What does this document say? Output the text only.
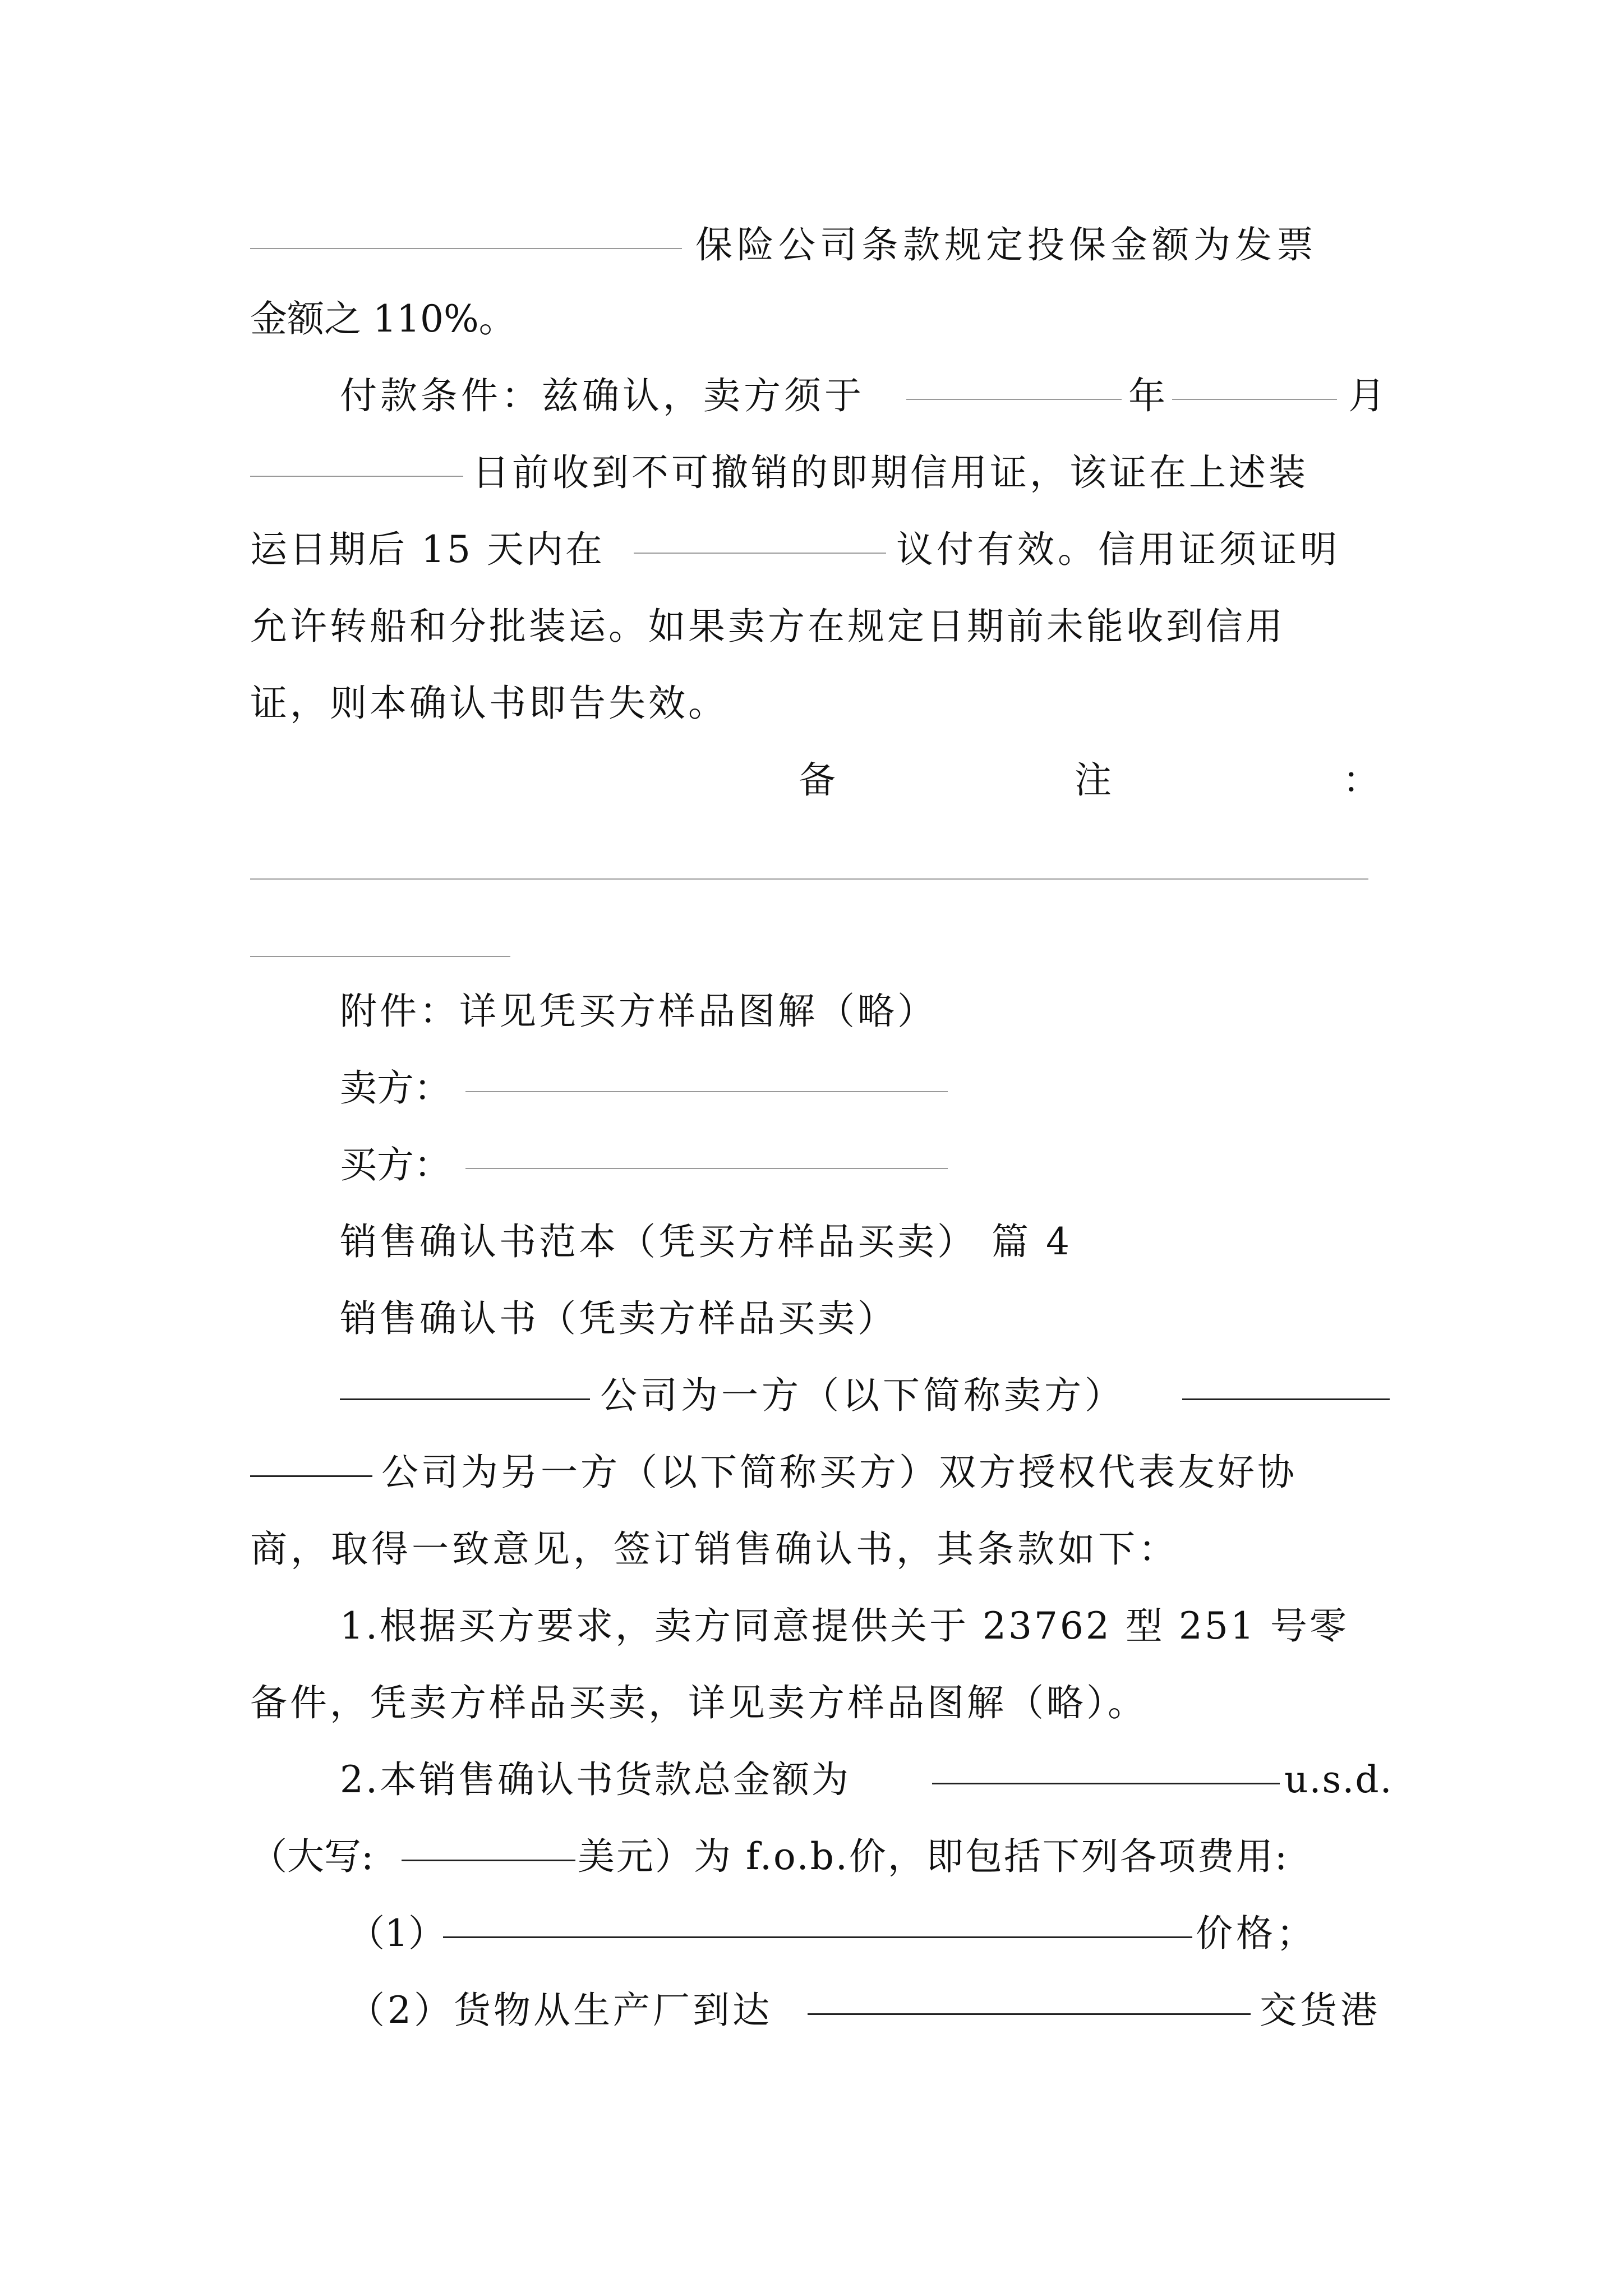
保险公司条款规定投保金额为发票
金额之 110%。
付款条件：兹确认，卖方须于	年	月
日前收到不可撤销的即期信用证，该证在上述装
运日期后 15 天内在	议付有效。信用证须证明
允许转船和分批装运。如果卖方在规定日期前未能收到信用
证，则本确认书即告失效。
备	注	：
附件：详见凭买方样品图解（略）
卖方：
买方：
销售确认书范本（凭买方样品买卖） 篇 4
销售确认书（凭卖方样品买卖）
公司为一方（以下简称卖方）
公司为另一方（以下简称买方）双方授权代表友好协
商，取得一致意见，签订销售确认书，其条款如下：
1.根据买方要求，卖方同意提供关于 23762 型 251 号零
备件，凭卖方样品买卖，详见卖方样品图解（略）。
2.本销售确认书货款总金额为	u.s.d.
（大写:	美元）为 f.o.b.价，即包括下列各项费用:
（1）	价格；
（2）货物从生产厂到达	交货港
